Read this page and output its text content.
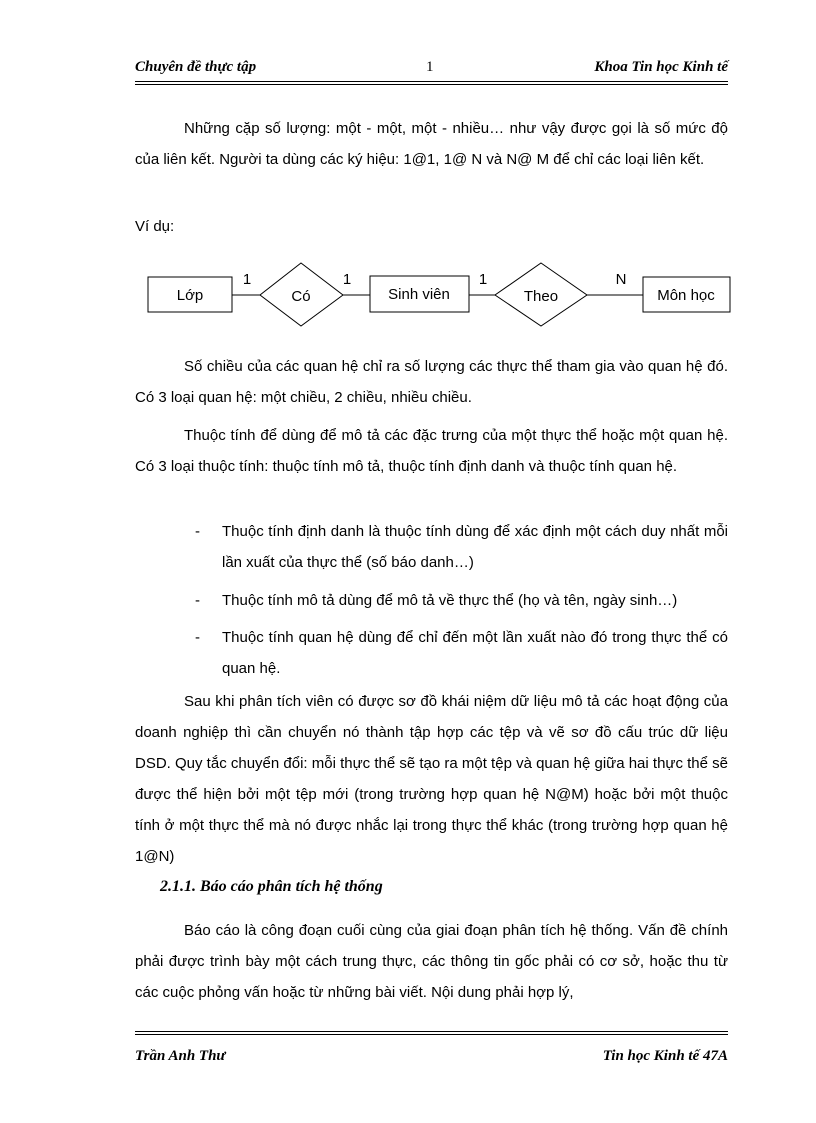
Chuyên đề thực tập	1	Khoa Tin học Kinh tế
Những cặp số lượng: một - một, một - nhiều… như vậy được gọi là số mức độ của liên kết. Người ta dùng các ký hiệu: 1@1, 1@ N và N@ M để chỉ các loại liên kết.
Ví dụ:
Lớp	Có	Sinh viên	Theo	Môn học
1	1	1	N
Số chiều của các quan hệ chỉ ra số lượng các thực thể tham gia vào quan hệ đó. Có 3 loại quan hệ: một chiều, 2 chiều, nhiều chiều.
Thuộc tính để dùng để mô tả các đặc trưng của một thực thể hoặc một quan hệ. Có 3 loại thuộc tính: thuộc tính mô tả, thuộc tính định danh và thuộc tính quan hệ.
- Thuộc tính định danh là thuộc tính dùng để xác định một cách duy nhất mỗi lần xuất của thực thể (số báo danh…)
- Thuộc tính mô tả dùng để mô tả về thực thể (họ và tên, ngày sinh…)
- Thuộc tính quan hệ dùng để chỉ đến một lần xuất nào đó trong thực thể có quan hệ.
Sau khi phân tích viên có được sơ đồ khái niệm dữ liệu mô tả các hoạt động của doanh nghiệp thì cần chuyển nó thành tập hợp các tệp và vẽ sơ đồ cấu trúc dữ liệu DSD. Quy tắc chuyển đổi: mỗi thực thể sẽ tạo ra một tệp và quan hệ giữa hai thực thể sẽ được thể hiện bởi một tệp mới (trong trường hợp quan hệ N@M) hoặc bởi một thuộc tính ở một thực thể mà nó được nhắc lại trong thực thể khác (trong trường hợp quan hệ 1@N)
2.1.1. Báo cáo phân tích hệ thống
Báo cáo là công đoạn cuối cùng của giai đoạn phân tích hệ thống. Vấn đề chính phải được trình bày một cách trung thực, các thông tin gốc phải có cơ sở, hoặc thu từ các cuộc phỏng vấn hoặc từ những bài viết. Nội dung phải hợp lý,
Trần Anh Thư	Tin học Kinh tế 47A
